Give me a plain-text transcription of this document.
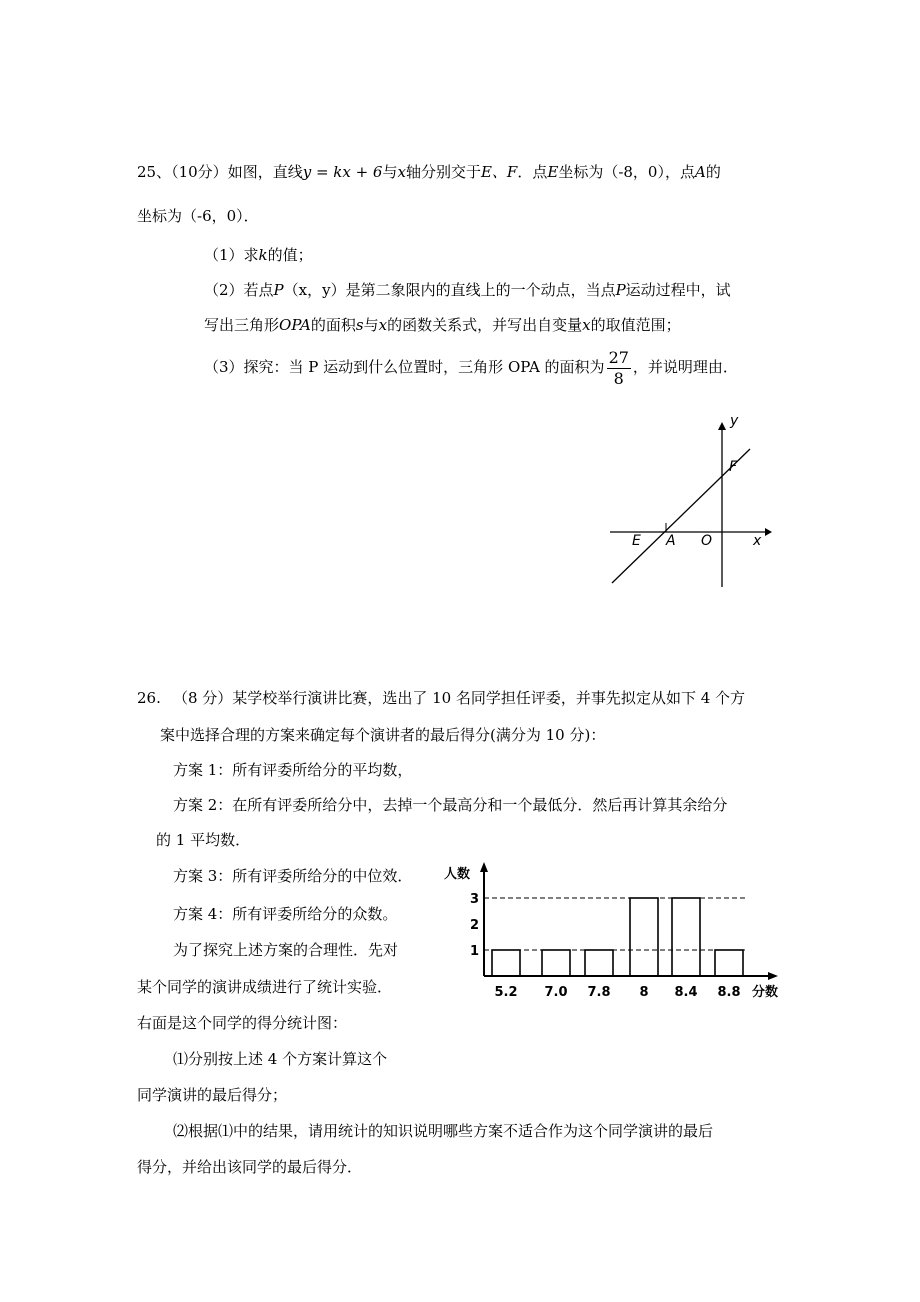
25、（10分）如图，直线y = kx + 6与x轴分别交于E、F．点E坐标为（-8，0），点A的
坐标为（-6，0）．
（1）求k的值；
（2）若点P（x，y）是第二象限内的直线上的一个动点，当点P运动过程中，试
写出三角形OPA的面积s与x的函数关系式，并写出自变量x的取值范围；
（3）探究：当 P 运动到什么位置时，三角形 OPA 的面积为 $\frac{27}{8}$ ，并说明理由．
y
F
E A O	x
26. （8 分）某学校举行演讲比赛，选出了 10 名同学担任评委，并事先拟定从如下 4 个方
案中选择合理的方案来确定每个演讲者的最后得分(满分为 10 分)：
方案 1：所有评委所给分的平均数，
方案 2：在所有评委所给分中，去掉一个最高分和一个最低分．然后再计算其余给分
的 1 平均数．
方案 3：所有评委所给分的中位效．
方案 4：所有评委所给分的众数。
为了探究上述方案的合理性．先对
某个同学的演讲成绩进行了统计实验．
右面是这个同学的得分统计图：
⑴分别按上述 4 个方案计算这个
同学演讲的最后得分；
⑵根据⑴中的结果，请用统计的知识说明哪些方案不适合作为这个同学演讲的最后
得分，并给出该同学的最后得分．
人数
分数
1
2
3
5.2 7.0 7.8 8 8.4 8.8
